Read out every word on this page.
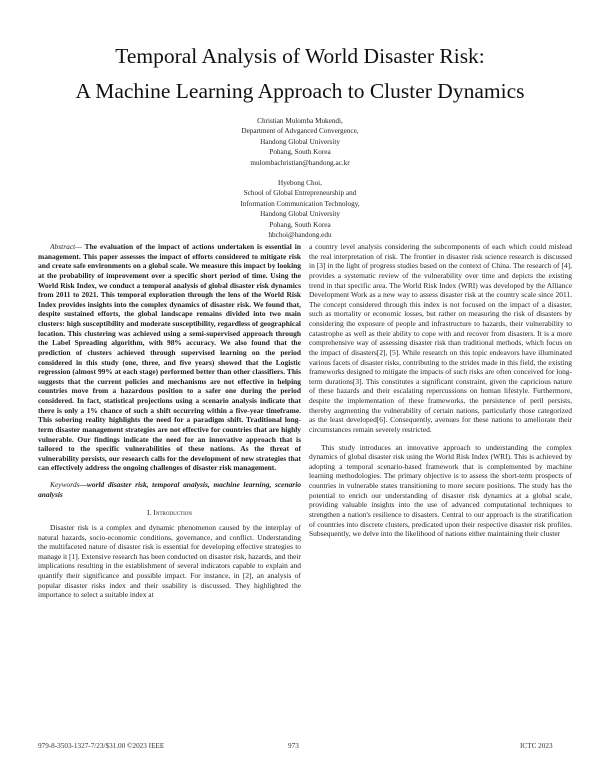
Temporal Analysis of World Disaster Risk:
A Machine Learning Approach to Cluster Dynamics
Christian Mulomba Mukendi,
Department of Advganced Convergence,
Handong Global University
Pohang, South Korea
mulombachristian@handong.ac.kr
Hyebong Choi,
School of Global Entrepreneurship and
Information Communication Technology,
Handong Global University
Pohang, South Korea
hbchoi@handong.edu

Abstract— The evaluation of the impact of actions undertaken is essential in management. This paper assesses the impact of efforts considered to mitigate risk and create safe environments on a global scale. We measure this impact by looking at the probability of improvement over a specific short period of time. Using the World Risk Index, we conduct a temporal analysis of global disaster risk dynamics from 2011 to 2021. This temporal exploration through the lens of the World Risk Index provides insights into the complex dynamics of disaster risk. We found that, despite sustained efforts, the global landscape remains divided into two main clusters: high susceptibility and moderate susceptibility, regardless of geographical location. This clustering was achieved using a semi-supervised approach through the Label Spreading algorithm, with 98% accuracy. We also found that the prediction of clusters achieved through supervised learning on the period considered in this study (one, three, and five years) showed that the Logistic regression (almost 99% at each stage) performed better than other classifiers. This suggests that the current policies and mechanisms are not effective in helping countries move from a hazardous position to a safer one during the period considered. In fact, statistical projections using a scenario analysis indicate that there is only a 1% chance of such a shift occurring within a five-year timeframe. This sobering reality highlights the need for a paradigm shift. Traditional long-term disaster management strategies are not effective for countries that are highly vulnerable. Our findings indicate the need for an innovative approach that is tailored to the specific vulnerabilities of these nations. As the threat of vulnerability persists, our research calls for the development of new strategies that can effectively address the ongoing challenges of disaster risk management.

Keywords—world disaster risk, temporal analysis, machine learning, scenario analysis

I. Introduction

Disaster risk is a complex and dynamic phenomenon caused by the interplay of natural hazards, socio-economic conditions, governance, and conflict. Understanding the multifaceted nature of disaster risk is essential for developing effective strategies to manage it [1]. Extensive research has been conducted on disaster risk, hazards, and their implications resulting in the establishment of several indicators capable to explain and quantify their significance and possible impact. For instance, in [2], an analysis of popular disaster risks index and their usability is discussed. They highlighted the importance to select a suitable index at

a country level analysis considering the subcomponents of each which could mislead the real interpretation of risk. The frontier in disaster risk science research is discussed in [3] in the light of progress studies based on the context of China. The research of [4], provides a systematic review of the vulnerability over time and depicts the existing trend in that specific area. The World Risk Index (WRI) was developed by the Alliance Development Work as a new way to assess disaster risk at the country scale since 2011. The concept considered through this index is not focused on the impact of a disaster, such as mortality or economic losses, but rather on measuring the risk of disasters by considering the exposure of people and infrastructure to hazards, their vulnerability to catastrophe as well as their ability to cope with and recover from disasters. It is a more comprehensive way of assessing disaster risk than traditional methods, which focus on the impact of disasters[2], [5]. While research on this topic endeavors have illuminated various facets of disaster risks, contributing to the strides made in this field, the existing frameworks designed to mitigate the impacts of such risks are often conceived for long-term durations[3]. This constitutes a significant constraint, given the capricious nature of these hazards and their escalating repercussions on human lifestyle. Furthermore, despite the implementation of these frameworks, the persistence of peril persists, thereby augmenting the vulnerability of certain nations, particularly those categorized as the least developed[6]. Consequently, avenues for these nations to ameliorate their circumstances remain severely restricted.

This study introduces an innovative approach to understanding the complex dynamics of global disaster risk using the World Risk Index (WRI). This is achieved by adopting a temporal scenario-based framework that is complemented by machine learning methodologies. The primary objective is to assess the short-term prospects of countries in vulnerable states transitioning to more secure positions. The study has the potential to enrich our understanding of disaster risk dynamics at a global scale, providing valuable insights into the use of advanced computational techniques to strengthen a nation's resilience to disasters. Central to our approach is the stratification of countries into discrete clusters, predicated upon their respective disaster risk profiles. Subsequently, we delve into the likelihood of nations either maintaining their cluster

979-8-3503-1327-7/23/$31.00 ©2023 IEEE	973	ICTC 2023
